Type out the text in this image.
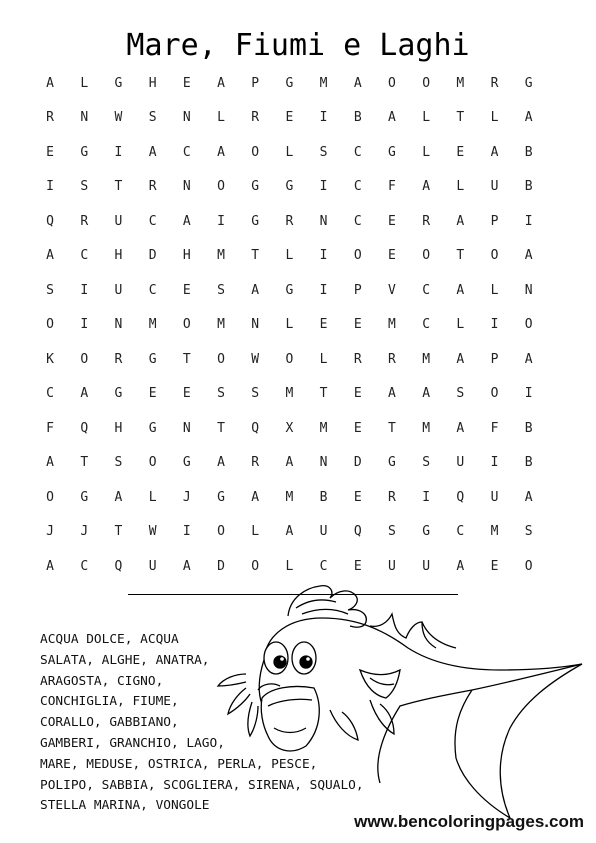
Mare, Fiumi e Laghi
A	L	G	H	E	A	P	G	M	A	O	O	M	R	G
R	N	W	S	N	L	R	E	I	B	A	L	T	L	A
E	G	I	A	C	A	O	L	S	C	G	L	E	A	B
I	S	T	R	N	O	G	G	I	C	F	A	L	U	B
Q	R	U	C	A	I	G	R	N	C	E	R	A	P	I
A	C	H	D	H	M	T	L	I	O	E	O	T	O	A
S	I	U	C	E	S	A	G	I	P	V	C	A	L	N
O	I	N	M	O	M	N	L	E	E	M	C	L	I	O
K	O	R	G	T	O	W	O	L	R	R	M	A	P	A
C	A	G	E	E	S	S	M	T	E	A	A	S	O	I
F	Q	H	G	N	T	Q	X	M	E	T	M	A	F	B
A	T	S	O	G	A	R	A	N	D	G	S	U	I	B
O	G	A	L	J	G	A	M	B	E	R	I	Q	U	A
J	J	T	W	I	O	L	A	U	Q	S	G	C	M	S
A	C	Q	U	A	D	O	L	C	E	U	U	A	E	O
ACQUA DOLCE, ACQUA
SALATA, ALGHE, ANATRA,
ARAGOSTA, CIGNO,
CONCHIGLIA, FIUME,
CORALLO, GABBIANO,
GAMBERI, GRANCHIO, LAGO,
MARE, MEDUSE, OSTRICA, PERLA, PESCE,
POLIPO, SABBIA, SCOGLIERA, SIRENA, SQUALO,
STELLA MARINA, VONGOLE
www.bencoloringpages.com
